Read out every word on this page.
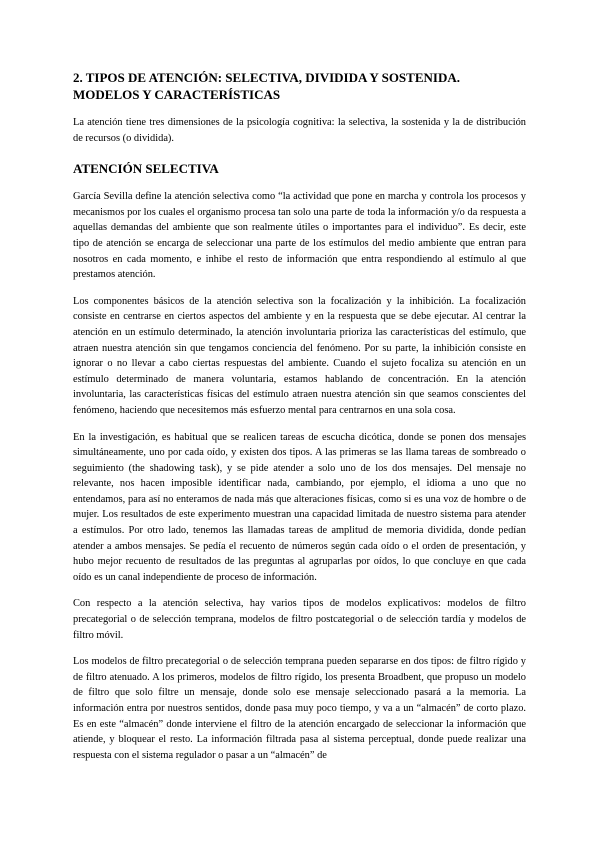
2. TIPOS DE ATENCIÓN: SELECTIVA, DIVIDIDA Y SOSTENIDA. MODELOS Y CARACTERÍSTICAS

La atención tiene tres dimensiones de la psicología cognitiva: la selectiva, la sostenida y la de distribución de recursos (o dividida).

ATENCIÓN SELECTIVA

García Sevilla define la atención selectiva como “la actividad que pone en marcha y controla los procesos y mecanismos por los cuales el organismo procesa tan solo una parte de toda la información y/o da respuesta a aquellas demandas del ambiente que son realmente útiles o importantes para el individuo”. Es decir, este tipo de atención se encarga de seleccionar una parte de los estímulos del medio ambiente que entran para nosotros en cada momento, e inhibe el resto de información que entra respondiendo al estímulo al que prestamos atención.

Los componentes básicos de la atención selectiva son la focalización y la inhibición. La focalización consiste en centrarse en ciertos aspectos del ambiente y en la respuesta que se debe ejecutar. Al centrar la atención en un estímulo determinado, la atención involuntaria prioriza las características del estímulo, que atraen nuestra atención sin que tengamos conciencia del fenómeno. Por su parte, la inhibición consiste en ignorar o no llevar a cabo ciertas respuestas del ambiente. Cuando el sujeto focaliza su atención en un estímulo determinado de manera voluntaria, estamos hablando de concentración. En la atención involuntaria, las características físicas del estímulo atraen nuestra atención sin que seamos conscientes del fenómeno, haciendo que necesitemos más esfuerzo mental para centrarnos en una sola cosa.

En la investigación, es habitual que se realicen tareas de escucha dicótica, donde se ponen dos mensajes simultáneamente, uno por cada oído, y existen dos tipos. A las primeras se las llama tareas de sombreado o seguimiento (the shadowing task), y se pide atender a solo uno de los dos mensajes. Del mensaje no relevante, nos hacen imposible identificar nada, cambiando, por ejemplo, el idioma a uno que no entendamos, para así no enteramos de nada más que alteraciones físicas, como si es una voz de hombre o de mujer. Los resultados de este experimento muestran una capacidad limitada de nuestro sistema para atender a estímulos. Por otro lado, tenemos las llamadas tareas de amplitud de memoria dividida, donde pedían atender a ambos mensajes. Se pedía el recuento de números según cada oído o el orden de presentación, y hubo mejor recuento de resultados de las preguntas al agruparlas por oídos, lo que concluye en que cada oído es un canal independiente de proceso de información.

Con respecto a la atención selectiva, hay varios tipos de modelos explicativos: modelos de filtro precategorial o de selección temprana, modelos de filtro postcategorial o de selección tardía y modelos de filtro móvil.

Los modelos de filtro precategorial o de selección temprana pueden separarse en dos tipos: de filtro rígido y de filtro atenuado. A los primeros, modelos de filtro rígido, los presenta Broadbent, que propuso un modelo de filtro que solo filtre un mensaje, donde solo ese mensaje seleccionado pasará a la memoria. La información entra por nuestros sentidos, donde pasa muy poco tiempo, y va a un “almacén” de corto plazo. Es en este “almacén” donde interviene el filtro de la atención encargado de seleccionar la información que atiende, y bloquear el resto. La información filtrada pasa al sistema perceptual, donde puede realizar una respuesta con el sistema regulador o pasar a un “almacén” de
